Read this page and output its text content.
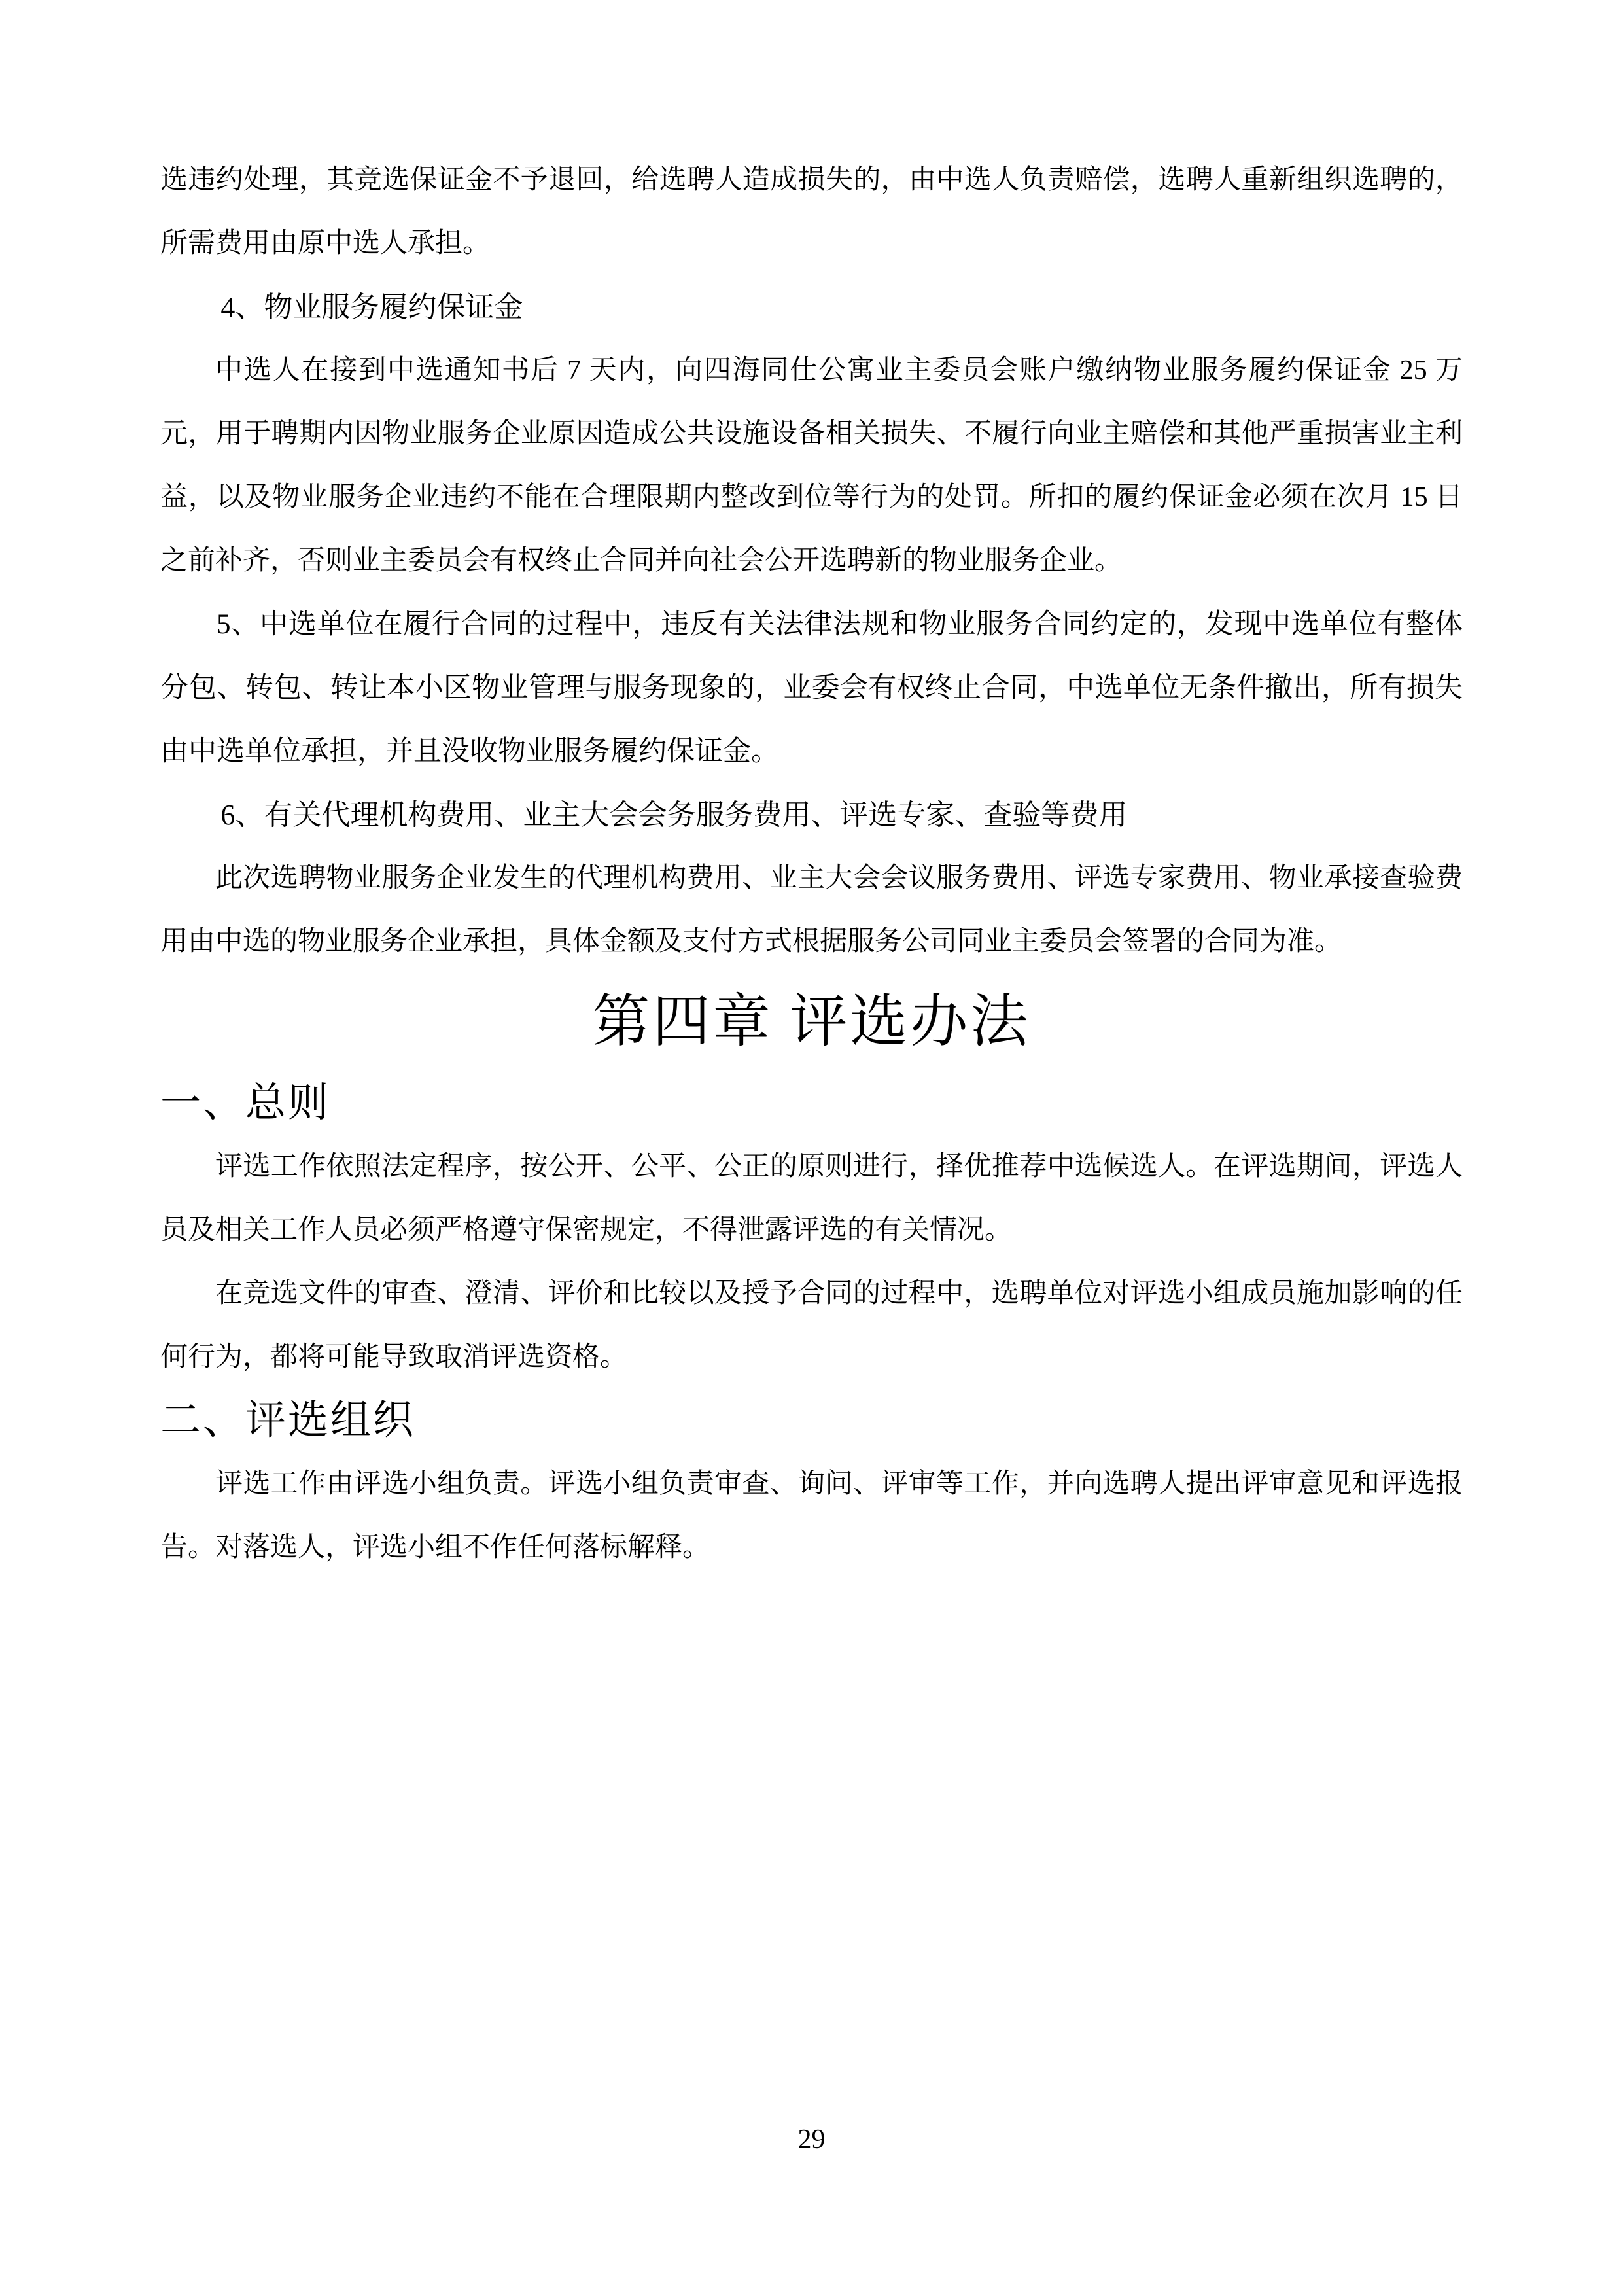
选违约处理，其竞选保证金不予退回，给选聘人造成损失的，由中选人负责赔偿，选聘人重新组织选聘的，所需费用由原中选人承担。

4、物业服务履约保证金

中选人在接到中选通知书后 7 天内，向四海同仕公寓业主委员会账户缴纳物业服务履约保证金 25 万元，用于聘期内因物业服务企业原因造成公共设施设备相关损失、不履行向业主赔偿和其他严重损害业主利益，以及物业服务企业违约不能在合理限期内整改到位等行为的处罚。所扣的履约保证金必须在次月 15 日之前补齐，否则业主委员会有权终止合同并向社会公开选聘新的物业服务企业。

5、中选单位在履行合同的过程中，违反有关法律法规和物业服务合同约定的，发现中选单位有整体分包、转包、转让本小区物业管理与服务现象的，业委会有权终止合同，中选单位无条件撤出，所有损失由中选单位承担，并且没收物业服务履约保证金。

6、有关代理机构费用、业主大会会务服务费用、评选专家、查验等费用

此次选聘物业服务企业发生的代理机构费用、业主大会会议服务费用、评选专家费用、物业承接查验费用由中选的物业服务企业承担，具体金额及支付方式根据服务公司同业主委员会签署的合同为准。

第四章 评选办法
一、总则

评选工作依照法定程序，按公开、公平、公正的原则进行，择优推荐中选候选人。在评选期间，评选人员及相关工作人员必须严格遵守保密规定，不得泄露评选的有关情况。

在竞选文件的审查、澄清、评价和比较以及授予合同的过程中，选聘单位对评选小组成员施加影响的任何行为，都将可能导致取消评选资格。

二、评选组织

评选工作由评选小组负责。评选小组负责审查、询问、评审等工作，并向选聘人提出评审意见和评选报告。对落选人，评选小组不作任何落标解释。

29
